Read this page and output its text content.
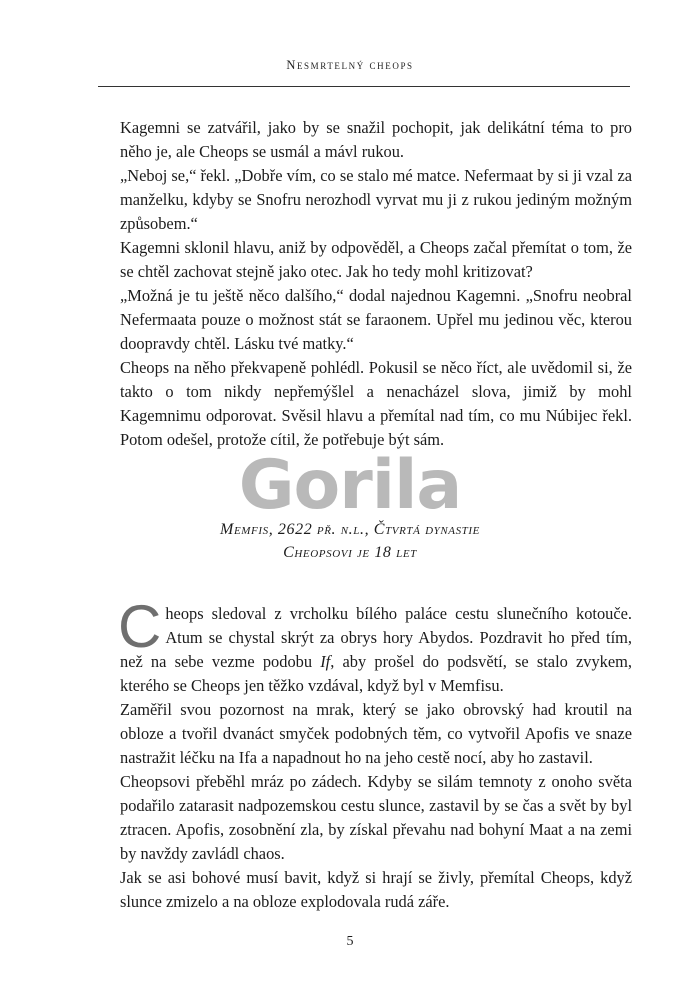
Nesmrtelný cheops

Kagemni se zatvářil, jako by se snažil pochopit, jak delikátní téma to pro něho je, ale Cheops se usmál a mávl rukou.

„Neboj se,“ řekl. „Dobře vím, co se stalo mé matce. Nefermaat by si ji vzal za manželku, kdyby se Snofru nerozhodl vyrvat mu ji z rukou jediným možným způsobem.“

Kagemni sklonil hlavu, aniž by odpověděl, a Cheops začal přemítat o tom, že se chtěl zachovat stejně jako otec. Jak ho tedy mohl kritizovat?

„Možná je tu ještě něco dalšího,“ dodal najednou Kagemni. „Snofru neobral Nefermaata pouze o možnost stát se faraonem. Upřel mu jedinou věc, kterou doopravdy chtěl. Lásku tvé matky.“

Cheops na něho překvapeně pohlédl. Pokusil se něco říct, ale uvědomil si, že takto o tom nikdy nepřemýšlel a nenacházel slova, jimiž by mohl Kagemnimu odporovat. Svěsil hlavu a přemítal nad tím, co mu Núbijec řekl. Potom odešel, protože cítil, že potřebuje být sám.

Gorila
Memfis, 2622 př. n.l., Čtvrtá dynastie
Cheopsovi je 18 let

Cheops sledoval z vrcholku bílého paláce cestu slunečního kotouče. Atum se chystal skrýt za obrys hory Abydos. Pozdravit ho před tím, než na sebe vezme podobu If, aby prošel do podsvětí, se stalo zvykem, kterého se Cheops jen těžko vzdával, když byl v Memfisu.

Zaměřil svou pozornost na mrak, který se jako obrovský had kroutil na obloze a tvořil dvanáct smyček podobných těm, co vytvořil Apofis ve snaze nastražit léčku na Ifa a napadnout ho na jeho cestě nocí, aby ho zastavil.

Cheopsovi přeběhl mráz po zádech. Kdyby se silám temnoty z onoho světa podařilo zatarasit nadpozemskou cestu slunce, zastavil by se čas a svět by byl ztracen. Apofis, zosobnění zla, by získal převahu nad bohyní Maat a na zemi by navždy zavládl chaos.

Jak se asi bohové musí bavit, když si hrají se živly, přemítal Cheops, když slunce zmizelo a na obloze explodovala rudá záře.

5
